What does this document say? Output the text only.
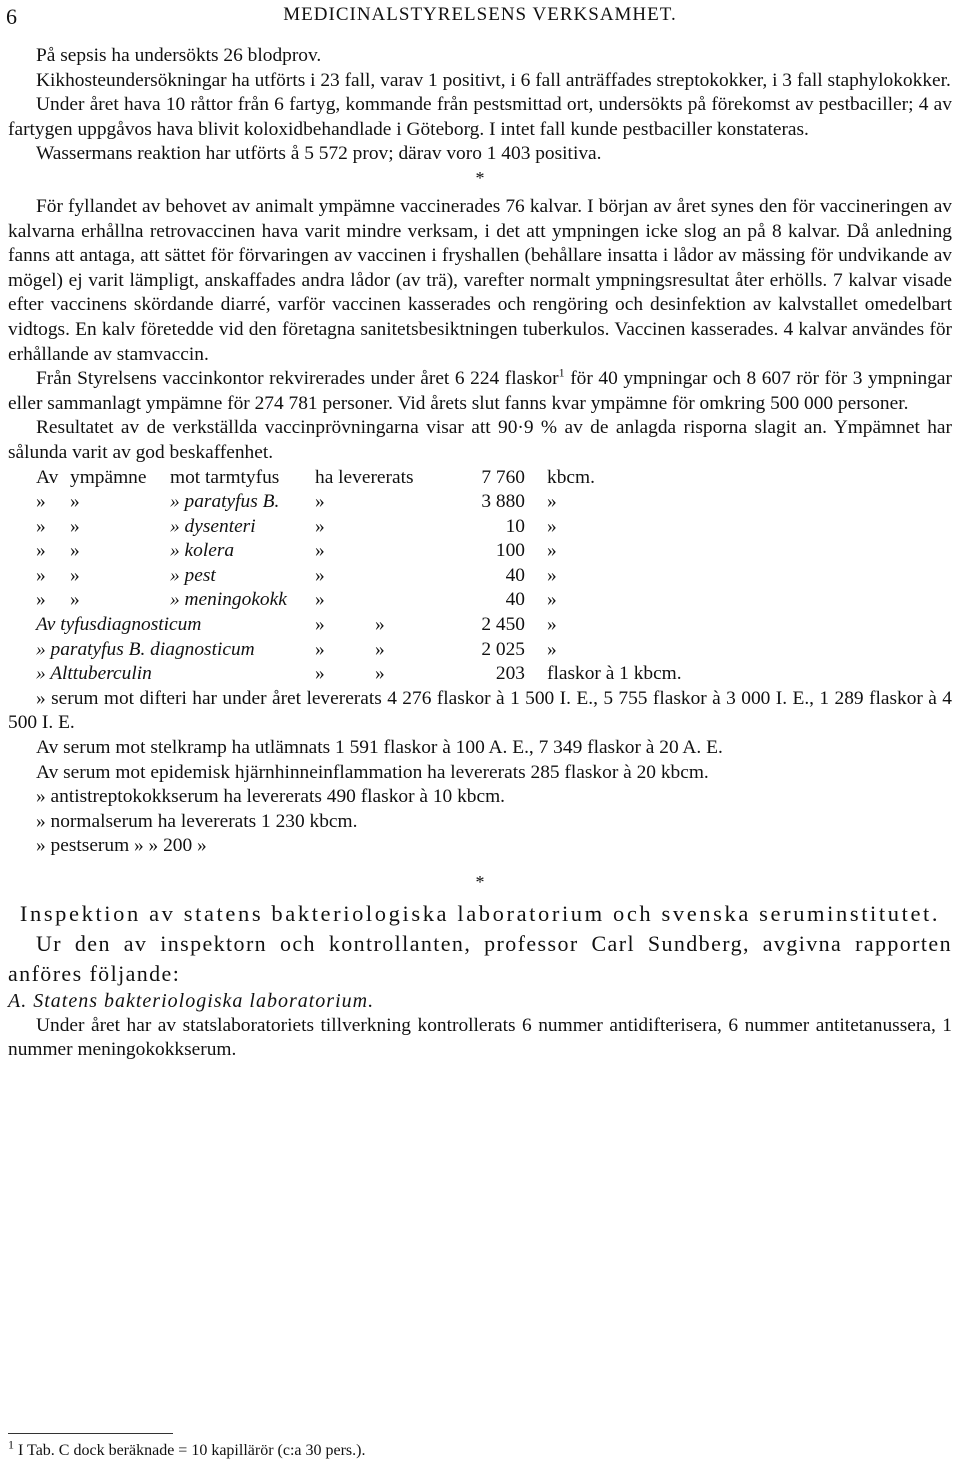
6	MEDICINALSTYRELSENS VERKSAMHET.

På sepsis ha undersökts 26 blodprov.

Kikhosteundersökningar ha utförts i 23 fall, varav 1 positivt, i 6 fall anträffades streptokokker, i 3 fall staphylokokker.

Under året hava 10 råttor från 6 fartyg, kommande från pestsmittad ort, undersökts på förekomst av pestbaciller; 4 av fartygen uppgåvos hava blivit koloxidbehandlade i Göteborg. I intet fall kunde pestbaciller konstateras.

Wassermans reaktion har utförts å 5 572 prov; därav voro 1 403 positiva.

*

För fyllandet av behovet av animalt ympämne vaccinerades 76 kalvar. I början av året synes den för vaccineringen av kalvarna erhållna retrovaccinen hava varit mindre verksam, i det att ympningen icke slog an på 8 kalvar. Då anledning fanns att antaga, att sättet för förvaringen av vaccinen i fryshallen (behållare insatta i lådor av mässing för undvikande av mögel) ej varit lämpligt, anskaffades andra lådor (av trä), varefter normalt ympningsresultat åter erhölls. 7 kalvar visade efter vaccinens skördande diarré, varför vaccinen kasserades och rengöring och desinfektion av kalvstallet omedelbart vidtogs. En kalv företedde vid den företagna sanitetsbesiktningen tuberkulos. Vaccinen kasserades. 4 kalvar användes för erhållande av stamvaccin.

Från Styrelsens vaccinkontor rekvirerades under året 6 224 flaskor$^1$ för 40 ympningar och 8 607 rör för 3 ympningar eller sammanlagt ympämne för 274 781 personer. Vid årets slut fanns kvar ympämne för omkring 500 000 personer.

Resultatet av de verkställda vaccinprövningarna visar att 90·9 % av de anlagda risporna slagit an. Ympämnet har sålunda varit av god beskaffenhet.

Av ympämne	mot tarmtyfus	ha levererats	7 760	kbcm.
»	»	» paratyfus B.	»	3 880	»
»	»	» dysenteri	»	10	»
»	»	» kolera	»	100	»
»	»	» pest	»	40	»
»	»	» meningokokk	»	40	»
Av tyfusdiagnosticum	»	»	2 450	»
» paratyfus B. diagnosticum	»	»	2 025	»
» Alttuberculin	»	»	203	flaskor à 1 kbcm.

» serum mot difteri har under året levererats 4 276 flaskor à 1 500 I. E., 5 755 flaskor à 3 000 I. E., 1 289 flaskor à 4 500 I. E.

Av serum mot stelkramp ha utlämnats 1 591 flaskor à 100 A. E., 7 349 flaskor à 20 A. E.

Av serum mot epidemisk hjärnhinneinflammation ha levererats 285 flaskor à 20 kbcm.

» antistreptokokkserum ha levererats 490 flaskor à 10 kbcm.

» normalserum ha levererats 1 230 kbcm.

» pestserum » » 200 »

*

Inspektion av statens bakteriologiska laboratorium och svenska seruminstitutet.

Ur den av inspektorn och kontrollanten, professor Carl Sundberg, avgivna rapporten anföres följande:

A. Statens bakteriologiska laboratorium.

Under året har av statslaboratoriets tillverkning kontrollerats 6 nummer antidifterisera, 6 nummer antitetanussera, 1 nummer meningokokkserum.

$^1$ I Tab. C dock beräknade = 10 kapillärör (c:a 30 pers.).
